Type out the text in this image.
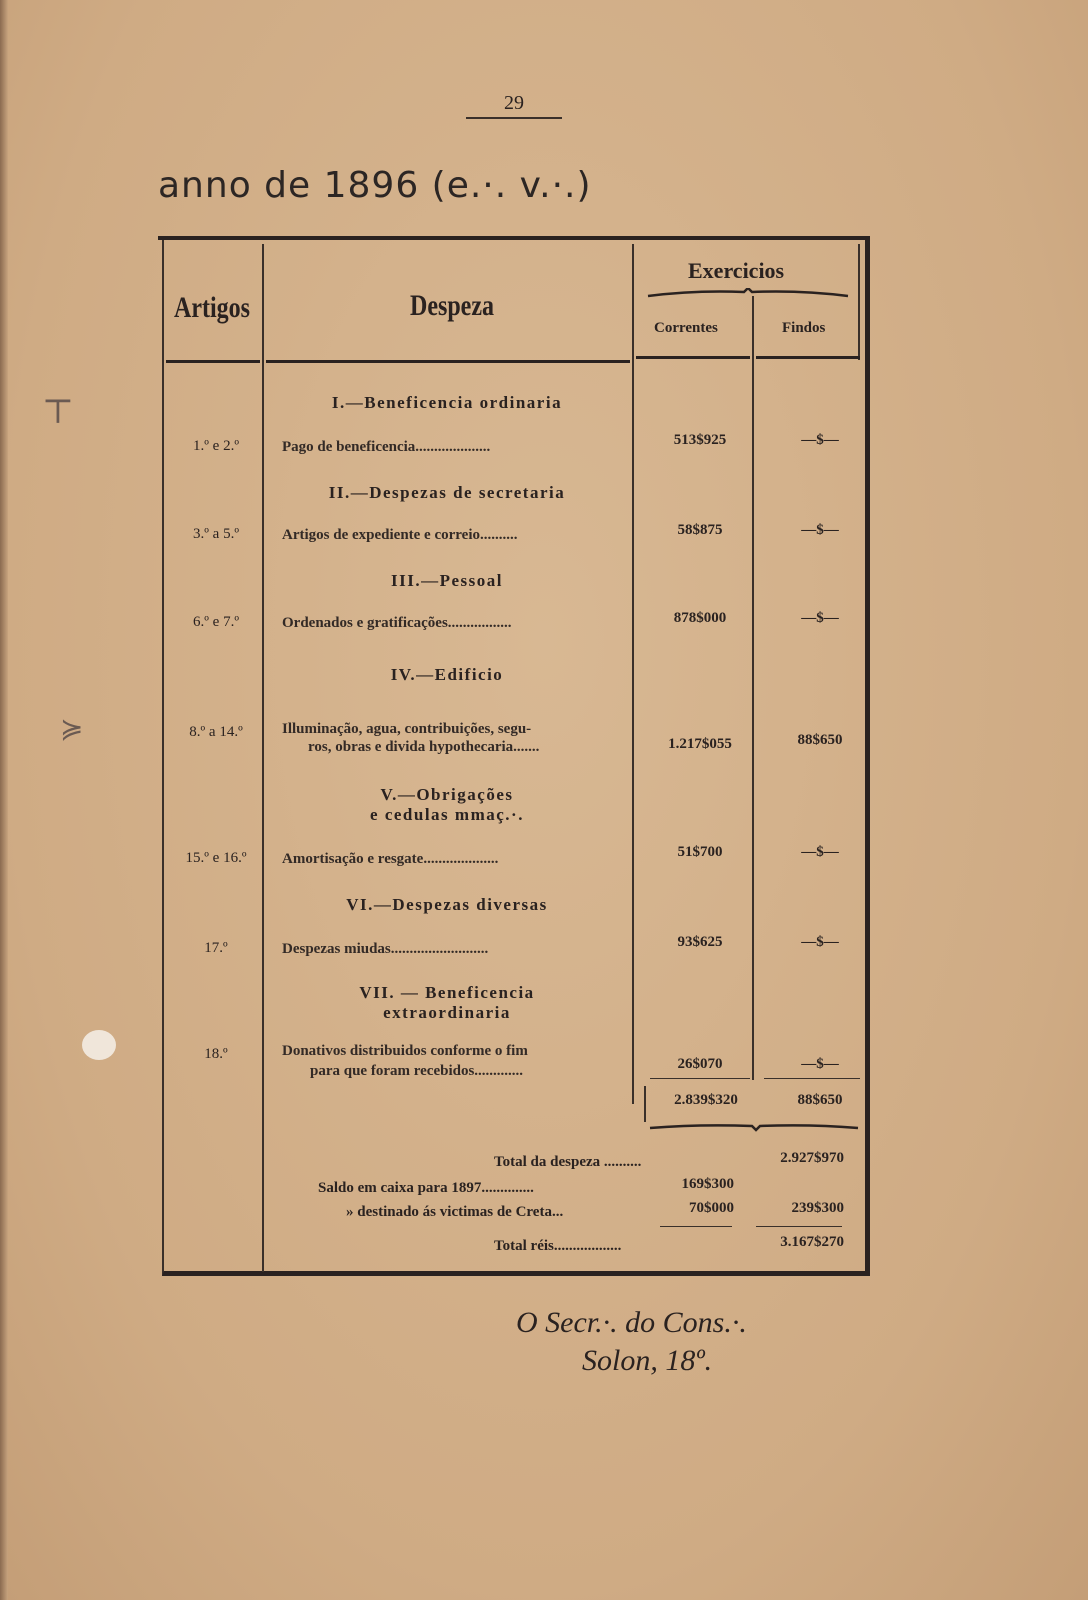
29
anno de 1896 (e.·. v.·.)
Artigos	Despeza
Exercicios
Correntes	Findos
I.—Beneficencia ordinaria
1.º e 2.º	Pago de beneficencia....................	513$925	—$—
II.—Despezas de secretaria
3.º a 5.º	Artigos de expediente e correio..........	58$875	—$—
III.—Pessoal
6.º e 7.º	Ordenados e gratificações.................	878$000	—$—
IV.—Edificio
8.º a 14.º	Illuminação, agua, contribuições, segu-
ros, obras e divida hypothecaria.......	1.217$055	88$650
V.—Obrigações
e cedulas mmaç.·.
15.º e 16.º	Amortisação e resgate....................	51$700	—$—
VI.—Despezas diversas
17.º	Despezas miudas..........................	93$625	—$—
VII. — Beneficencia
extraordinaria
18.º	Donativos distribuidos conforme o fim
para que foram recebidos.............	26$070	—$—
2.839$320	88$650
Total da despeza ..........	2.927$970
Saldo em caixa para 1897..............	169$300
» destinado ás victimas de Creta...	70$000	239$300
Total réis..................	3.167$270
O Secr.·. do Cons.·.
Solon, 18º.
⊤
≽
